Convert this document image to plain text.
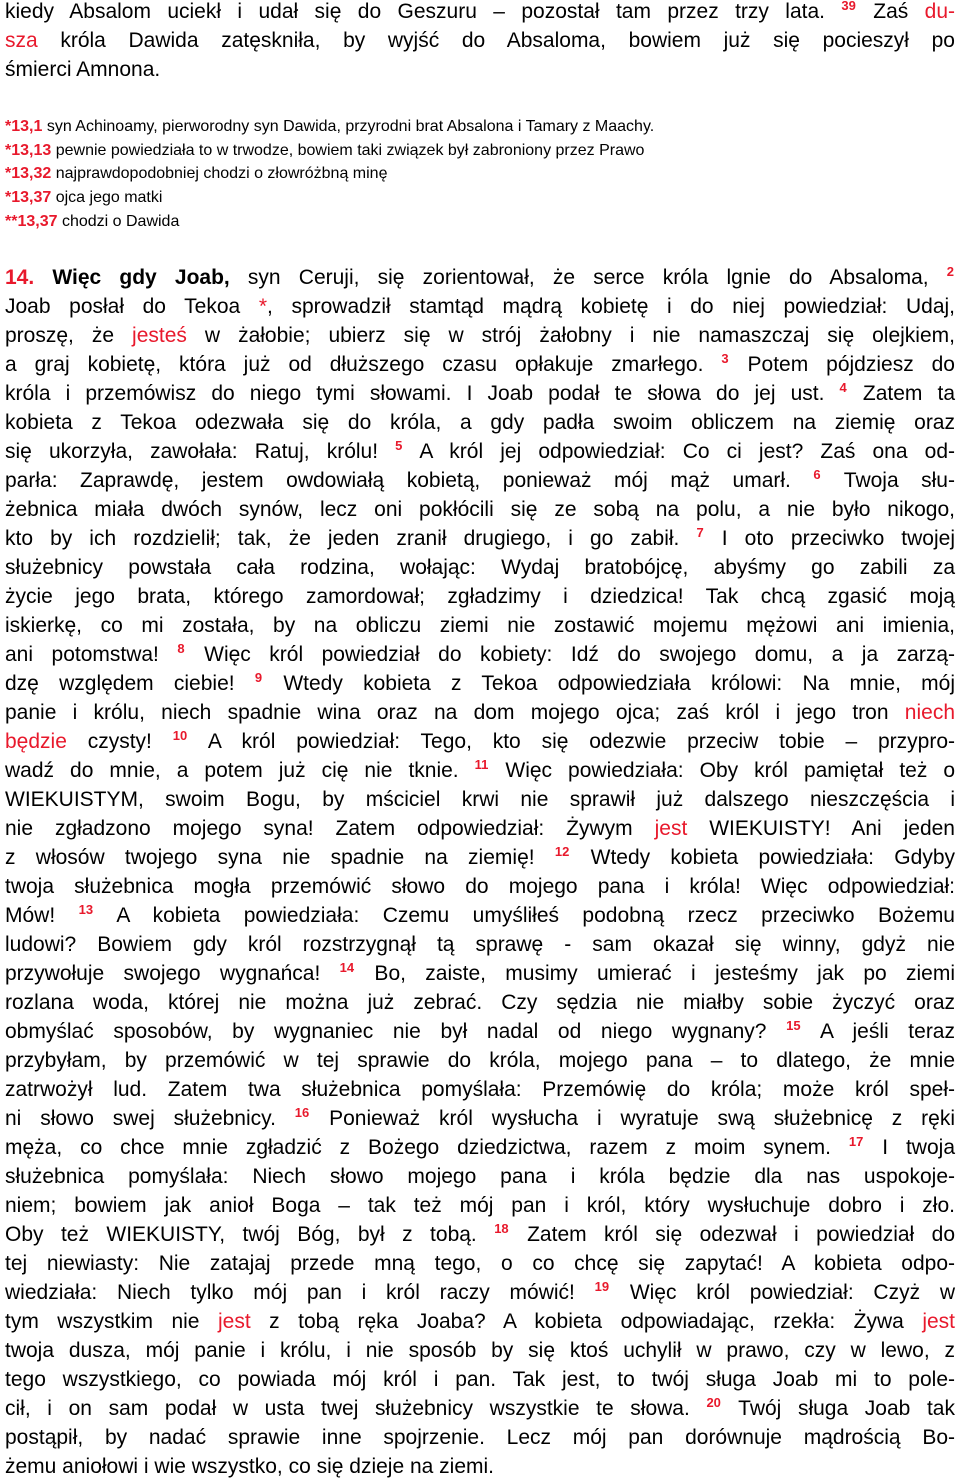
kiedy Absalom uciekł i udał się do Geszuru – pozostał tam przez trzy lata. $^{39}$ Zaś du-
sza króla Dawida zatęskniła, by wyjść do Absaloma, bowiem już się pocieszył po
śmierci Amnona.
*13,1 syn Achinoamy, pierworodny syn Dawida, przyrodni brat Absalona i Tamary z Maachy.
*13,13 pewnie powiedziała to w trwodze, bowiem taki związek był zabroniony przez Prawo
*13,32 najprawdopodobniej chodzi o złowróżbną minę
*13,37 ojca jego matki
**13,37 chodzi o Dawida
14. Więc gdy Joab, syn Ceruji, się zorientował, że serce króla lgnie do Absaloma, $^2$
Joab posłał do Tekoa *, sprowadził stamtąd mądrą kobietę i do niej powiedział: Udaj,
proszę, że jesteś w żałobie; ubierz się w strój żałobny i nie namaszczaj się olejkiem,
a graj kobietę, która już od dłuższego czasu opłakuje zmarłego. $^3$ Potem pójdziesz do
króla i przemówisz do niego tymi słowami. I Joab podał te słowa do jej ust. $^4$ Zatem ta
kobieta z Tekoa odezwała się do króla, a gdy padła swoim obliczem na ziemię oraz
się ukorzyła, zawołała: Ratuj, królu! $^5$ A król jej odpowiedział: Co ci jest? Zaś ona od-
parła: Zaprawdę, jestem owdowiałą kobietą, ponieważ mój mąż umarł. $^6$ Twoja słu-
żebnica miała dwóch synów, lecz oni pokłócili się ze sobą na polu, a nie było nikogo,
kto by ich rozdzielił; tak, że jeden zranił drugiego, i go zabił. $^7$ I oto przeciwko twojej
służebnicy powstała cała rodzina, wołając: Wydaj bratobójcę, abyśmy go zabili za
życie jego brata, którego zamordował; zgładzimy i dziedzica! Tak chcą zgasić moją
iskierkę, co mi została, by na obliczu ziemi nie zostawić mojemu mężowi ani imienia,
ani potomstwa! $^8$ Więc król powiedział do kobiety: Idź do swojego domu, a ja zarzą-
dzę względem ciebie! $^9$ Wtedy kobieta z Tekoa odpowiedziała królowi: Na mnie, mój
panie i królu, niech spadnie wina oraz na dom mojego ojca; zaś król i jego tron niech
będzie czysty! $^{10}$ A król powiedział: Tego, kto się odezwie przeciw tobie – przypro-
wadź do mnie, a potem już cię nie tknie. $^{11}$ Więc powiedziała: Oby król pamiętał też o
WIEKUISTYM, swoim Bogu, by mściciel krwi nie sprawił już dalszego nieszczęścia i
nie zgładzono mojego syna! Zatem odpowiedział: Żywym jest WIEKUISTY! Ani jeden
z włosów twojego syna nie spadnie na ziemię! $^{12}$ Wtedy kobieta powiedziała: Gdyby
twoja służebnica mogła przemówić słowo do mojego pana i króla! Więc odpowiedział:
Mów! $^{13}$ A kobieta powiedziała: Czemu umyśliłeś podobną rzecz przeciwko Bożemu
ludowi? Bowiem gdy król rozstrzygnął tą sprawę - sam okazał się winny, gdyż nie
przywołuje swojego wygnańca! $^{14}$ Bo, zaiste, musimy umierać i jesteśmy jak po ziemi
rozlana woda, której nie można już zebrać. Czy sędzia nie miałby sobie życzyć oraz
obmyślać sposobów, by wygnaniec nie był nadal od niego wygnany? $^{15}$ A jeśli teraz
przybyłam, by przemówić w tej sprawie do króla, mojego pana – to dlatego, że mnie
zatrwożył lud. Zatem twa służebnica pomyślała: Przemówię do króla; może król speł-
ni słowo swej służebnicy. $^{16}$ Ponieważ król wysłucha i wyratuje swą służebnicę z ręki
męża, co chce mnie zgładzić z Bożego dziedzictwa, razem z moim synem. $^{17}$ I twoja
służebnica pomyślała: Niech słowo mojego pana i króla będzie dla nas uspokoje-
niem; bowiem jak anioł Boga – tak też mój pan i król, który wysłuchuje dobro i zło.
Oby też WIEKUISTY, twój Bóg, był z tobą. $^{18}$ Zatem król się odezwał i powiedział do
tej niewiasty: Nie zatajaj przede mną tego, o co chcę się zapytać! A kobieta odpo-
wiedziała: Niech tylko mój pan i król raczy mówić! $^{19}$ Więc król powiedział: Czyż w
tym wszystkim nie jest z tobą ręka Joaba? A kobieta odpowiadając, rzekła: Żywa jest
twoja dusza, mój panie i królu, i nie sposób by się ktoś uchylił w prawo, czy w lewo, z
tego wszystkiego, co powiada mój król i pan. Tak jest, to twój sługa Joab mi to pole-
cił, i on sam podał w usta twej służebnicy wszystkie te słowa. $^{20}$ Twój sługa Joab tak
postąpił, by nadać sprawie inne spojrzenie. Lecz mój pan dorównuje mądrością Bo-
żemu aniołowi i wie wszystko, co się dzieje na ziemi.
